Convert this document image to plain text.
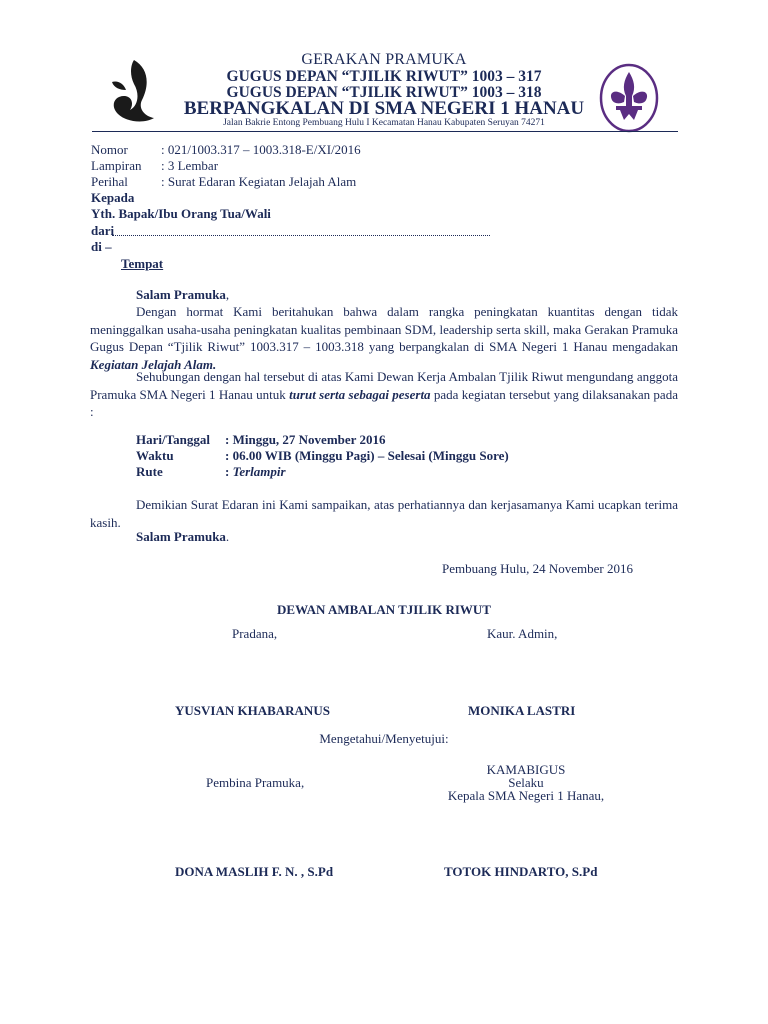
GERAKAN PRAMUKA
GUGUS DEPAN “TJILIK RIWUT” 1003 – 317
GUGUS DEPAN “TJILIK RIWUT” 1003 – 318
BERPANGKALAN DI SMA NEGERI 1 HANAU
Jalan Bakrie Entong Pembuang Hulu I Kecamatan Hanau Kabupaten Seruyan 74271
Nomor	: 021/1003.317 – 1003.318-E/XI/2016
Lampiran : 3 Lembar
Perihal	: Surat Edaran Kegiatan Jelajah Alam
Kepada
Yth. Bapak/Ibu Orang Tua/Wali
dari
di –
Tempat
Salam Pramuka,
Dengan hormat Kami beritahukan bahwa dalam rangka peningkatan kuantitas dengan tidak meninggalkan usaha-usaha peningkatan kualitas pembinaan SDM, leadership serta skill, maka Gerakan Pramuka Gugus Depan “Tjilik Riwut” 1003.317 – 1003.318 yang berpangkalan di SMA Negeri 1 Hanau mengadakan Kegiatan Jelajah Alam.
Sehubungan dengan hal tersebut di atas Kami Dewan Kerja Ambalan Tjilik Riwut mengundang anggota Pramuka SMA Negeri 1 Hanau untuk turut serta sebagai peserta pada kegiatan tersebut yang dilaksanakan pada :
Hari/Tanggal : Minggu, 27 November 2016
Waktu	: 06.00 WIB (Minggu Pagi) – Selesai (Minggu Sore)
Rute	: Terlampir
Demikian Surat Edaran ini Kami sampaikan, atas perhatiannya dan kerjasamanya Kami ucapkan terima kasih.
Salam Pramuka.
Pembuang Hulu, 24 November 2016
DEWAN AMBALAN TJILIK RIWUT
Pradana,	Kaur. Admin,
YUSVIAN KHABARANUS	MONIKA LASTRI
Mengetahui/Menyetujui:
KAMABIGUS
Selaku
Kepala SMA Negeri 1 Hanau,
Pembina Pramuka,
DONA MASLIH F. N. , S.Pd	TOTOK HINDARTO, S.Pd
